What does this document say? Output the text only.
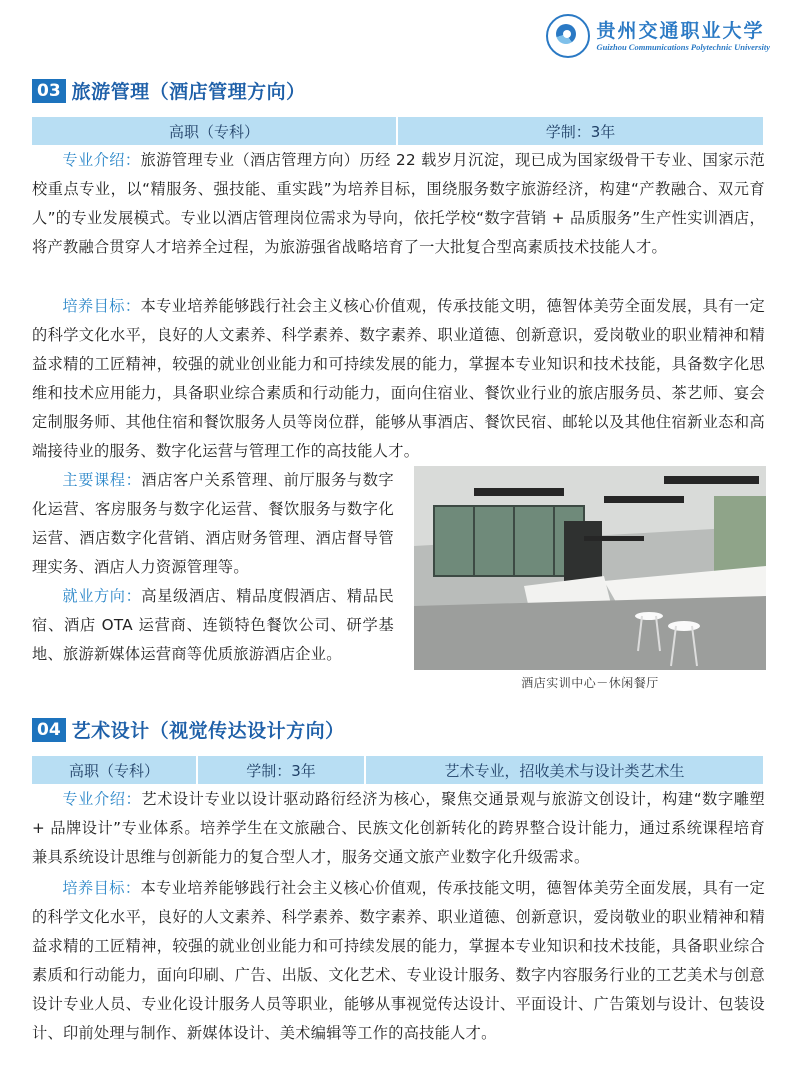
贵州交通职业大学
Guizhou Communications Polytechnic University
03 旅游管理（酒店管理方向）
高职（专科）	学制：3年

专业介绍：旅游管理专业（酒店管理方向）历经 22 载岁月沉淀，现已成为国家级骨干专业、国家示范校重点专业，以“精服务、强技能、重实践”为培养目标，围绕服务数字旅游经济，构建“产教融合、双元育人”的专业发展模式。专业以酒店管理岗位需求为导向，依托学校“数字营销 + 品质服务”生产性实训酒店，将产教融合贯穿人才培养全过程，为旅游强省战略培育了一大批复合型高素质技术技能人才。

培养目标：本专业培养能够践行社会主义核心价值观，传承技能文明，德智体美劳全面发展，具有一定的科学文化水平，良好的人文素养、科学素养、数字素养、职业道德、创新意识，爱岗敬业的职业精神和精益求精的工匠精神，较强的就业创业能力和可持续发展的能力，掌握本专业知识和技术技能，具备数字化思维和技术应用能力，具备职业综合素质和行动能力，面向住宿业、餐饮业行业的旅店服务员、茶艺师、宴会定制服务师、其他住宿和餐饮服务人员等岗位群，能够从事酒店、餐饮民宿、邮轮以及其他住宿新业态和高端接待业的服务、数字化运营与管理工作的高技能人才。

主要课程：酒店客户关系管理、前厅服务与数字化运营、客房服务与数字化运营、餐饮服务与数字化运营、酒店数字化营销、酒店财务管理、酒店督导管理实务、酒店人力资源管理等。

就业方向：高星级酒店、精品度假酒店、精品民宿、酒店 OTA 运营商、连锁特色餐饮公司、研学基地、旅游新媒体运营商等优质旅游酒店企业。

酒店实训中心－休闲餐厅
04 艺术设计（视觉传达设计方向）
高职（专科）	学制：3年	艺术专业，招收美术与设计类艺术生

专业介绍：艺术设计专业以设计驱动路衍经济为核心，聚焦交通景观与旅游文创设计，构建“数字雕塑 + 品牌设计”专业体系。培养学生在文旅融合、民族文化创新转化的跨界整合设计能力，通过系统课程培育兼具系统设计思维与创新能力的复合型人才，服务交通文旅产业数字化升级需求。

培养目标：本专业培养能够践行社会主义核心价值观，传承技能文明，德智体美劳全面发展，具有一定的科学文化水平，良好的人文素养、科学素养、数字素养、职业道德、创新意识，爱岗敬业的职业精神和精益求精的工匠精神，较强的就业创业能力和可持续发展的能力，掌握本专业知识和技术技能，具备职业综合素质和行动能力，面向印刷、广告、出版、文化艺术、专业设计服务、数字内容服务行业的工艺美术与创意设计专业人员、专业化设计服务人员等职业，能够从事视觉传达设计、平面设计、广告策划与设计、包装设计、印前处理与制作、新媒体设计、美术编辑等工作的高技能人才。
